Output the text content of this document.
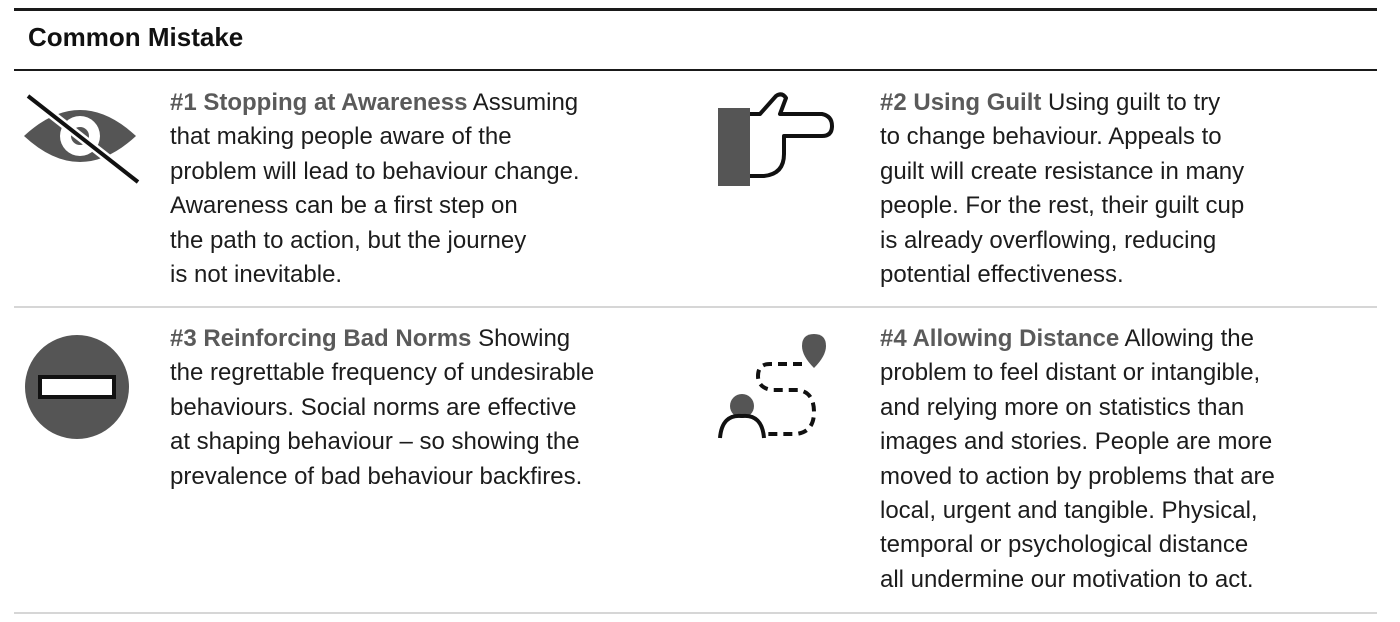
Common Mistake
#1 Stopping at Awareness Assuming
that making people aware of the
problem will lead to behaviour change.
Awareness can be a first step on
the path to action, but the journey
is not inevitable.
#2 Using Guilt Using guilt to try
to change behaviour. Appeals to
guilt will create resistance in many
people. For the rest, their guilt cup
is already overflowing, reducing
potential effectiveness.
#3 Reinforcing Bad Norms Showing
the regrettable frequency of undesirable
behaviours. Social norms are effective
at shaping behaviour – so showing the
prevalence of bad behaviour backfires.
#4 Allowing Distance Allowing the
problem to feel distant or intangible,
and relying more on statistics than
images and stories. People are more
moved to action by problems that are
local, urgent and tangible. Physical,
temporal or psychological distance
all undermine our motivation to act.
